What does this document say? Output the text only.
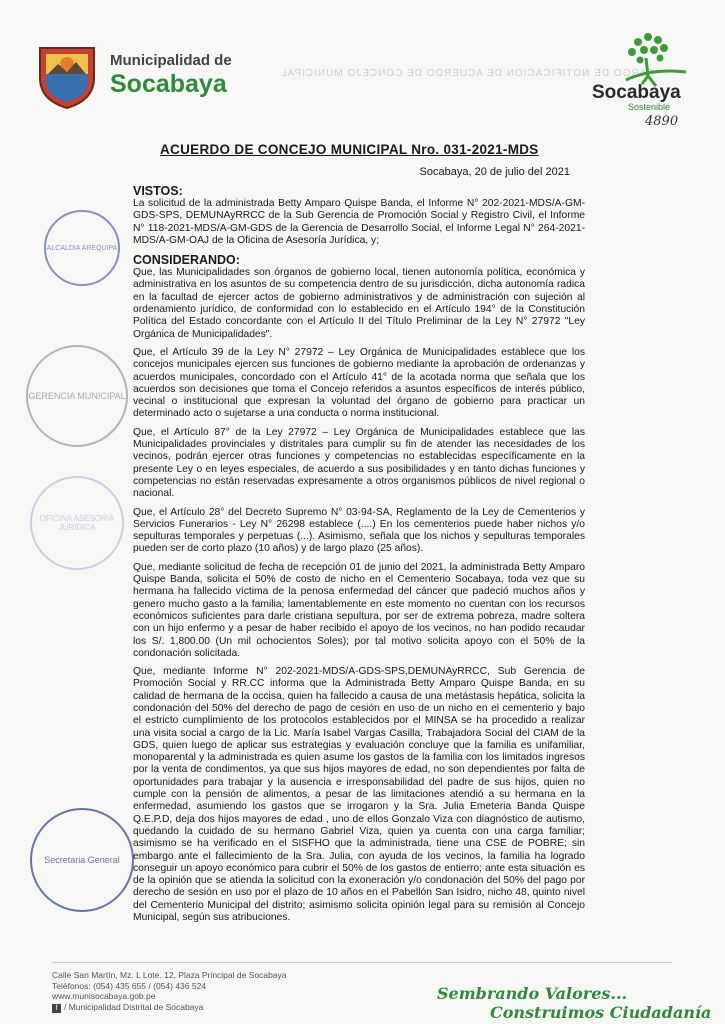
Municipalidad de
Socabaya	CARGO DE NOTIFICACION DE ACUERDO DE CONCEJO MUNICIPAL
Socabaya
Sostenible
4890
ALCALDIA AREQUIPA
GERENCIA MUNICIPAL
OFICINA ASESORIA JURIDICA
Secretaria General
ACUERDO DE CONCEJO MUNICIPAL Nro. 031-2021-MDS
Socabaya, 20 de julio del 2021

VISTOS:

La solicitud de la administrada Betty Amparo Quispe Banda, el Informe N° 202-2021-MDS/A-GM-GDS-SPS, DEMUNAyRRCC de la Sub Gerencia de Promoción Social y Registro Civil, el Informe N° 118-2021-MDS/A-GM-GDS de la Gerencia de Desarrollo Social, el Informe Legal N° 264-2021-MDS/A-GM-OAJ de la Oficina de Asesoría Jurídica, y;

CONSIDERANDO:

Que, las Municipalidades son órganos de gobierno local, tienen autonomía política, económica y administrativa en los asuntos de su competencia dentro de su jurisdicción, dicha autonomía radica en la facultad de ejercer actos de gobierno administrativos y de administración con sujeción al ordenamiento jurídico, de conformidad con lo establecido en el Artículo 194° de la Constitución Política del Estado concordante con el Artículo II del Título Preliminar de la Ley N° 27972 "Ley Orgánica de Municipalidades".

Que, el Artículo 39 de la Ley N° 27972 – Ley Orgánica de Municipalidades establece que los concejos municipales ejercen sus funciones de gobierno mediante la aprobación de ordenanzas y acuerdos municipales, concordado con el Artículo 41° de la acotada norma que señala que los acuerdos son decisiones que toma el Concejo referidos a asuntos específicos de interés público, vecinal o institucional que expresan la voluntad del órgano de gobierno para practicar un determinado acto o sujetarse a una conducta o norma institucional.

Que, el Artículo 87° de la Ley 27972 – Ley Orgánica de Municipalidades establece que las Municipalidades provinciales y distritales para cumplir su fin de atender las necesidades de los vecinos, podrán ejercer otras funciones y competencias no establecidas específicamente en la presente Ley o en leyes especiales, de acuerdo a sus posibilidades y en tanto dichas funciones y competencias no están reservadas expresamente a otros organismos públicos de nivel regional o nacional.

Que, el Artículo 28° del Decreto Supremo N° 03-94-SA, Reglamento de la Ley de Cementerios y Servicios Funerarios - Ley N° 26298 establece (....) En los cementerios puede haber nichos y/o sepulturas temporales y perpetuas (...). Asimismo, señala que los nichos y sepulturas temporales pueden ser de corto plazo (10 años) y de largo plazo (25 años).

Que, mediante solicitud de fecha de recepción 01 de junio del 2021, la administrada Betty Amparo Quispe Banda, solicita el 50% de costo de nicho en el Cementerio Socabaya, toda vez que su hermana ha fallecido víctima de la penosa enfermedad del cáncer que padeció muchos años y genero mucho gasto a la familia; lamentablemente en este momento no cuentan con los recursos económicos suficientes para darle cristiana sepultura, por ser de extrema pobreza, madre soltera con un hijo enfermo y a pesar de haber recibido el apoyo de los vecinos, no han podido recaudar los S/. 1,800.00 (Un mil ochocientos Soles); por tal motivo solicita apoyo con el 50% de la condonación solicitada.

Que, mediante Informe N° 202-2021-MDS/A-GDS-SPS,DEMUNAyRRCC, Sub Gerencia de Promoción Social y RR.CC informa que la Administrada Betty Amparo Quispe Banda, en su calidad de hermana de la occisa, quien ha fallecido a causa de una metástasis hepática, solicita la condonación del 50% del derecho de pago de cesión en uso de un nicho en el cementerio y bajo el estricto cumplimiento de los protocolos establecidos por el MINSA se ha procedido a realizar una visita social a cargo de la Lic. María Isabel Vargas Casilla, Trabajadora Social del CIAM de la GDS, quien luego de aplicar sus estrategias y evaluación concluye que la familia es unifamiliar, monoparental y la administrada es quien asume los gastos de la familia con los limitados ingresos por la venta de condimentos, ya que sus hijos mayores de edad, no son dependientes por falta de oportunidades para trabajar y la ausencia e irresponsabilidad del padre de sus hijos, quien no cumple con la pensión de alimentos, a pesar de las limitaciones atendió a su hermana en la enfermedad, asumiendo los gastos que se irrogaron y la Sra. Julia Emeteria Banda Quispe Q.E.P.D, deja dos hijos mayores de edad , uno de ellos Gonzalo Viza con diagnóstico de autismo, quedando la cuidado de su hermano Gabriel Viza, quien ya cuenta con una carga familiar; asimismo se ha verificado en el SISFHO que la administrada, tiene una CSE de POBRE; sin embargo ante el fallecimiento de la Sra. Julia, con ayuda de los vecinos, la familia ha logrado conseguir un apoyo económico para cubrir el 50% de los gastos de entierro; ante esta situación es de la opinión que se atienda la solicitud con la exoneración y/o condonación del 50% del pago por derecho de sesión en uso por el plazo de 10 años en el Pabellón San Isidro, nicho 48, quinto nivel del Cementerio Municipal del distrito; asimismo solicita opinión legal para su remisión al Concejo Municipal, según sus atribuciones.

Calle San Martín, Mz. L Lote. 12, Plaza Principal de Socabaya
Teléfonos: (054) 435 655 / (054) 436 524
www.munisocabaya.gob.pe
f / Municipalidad Distrital de Socabaya
Sembrando Valores...
Construimos Ciudadanía
